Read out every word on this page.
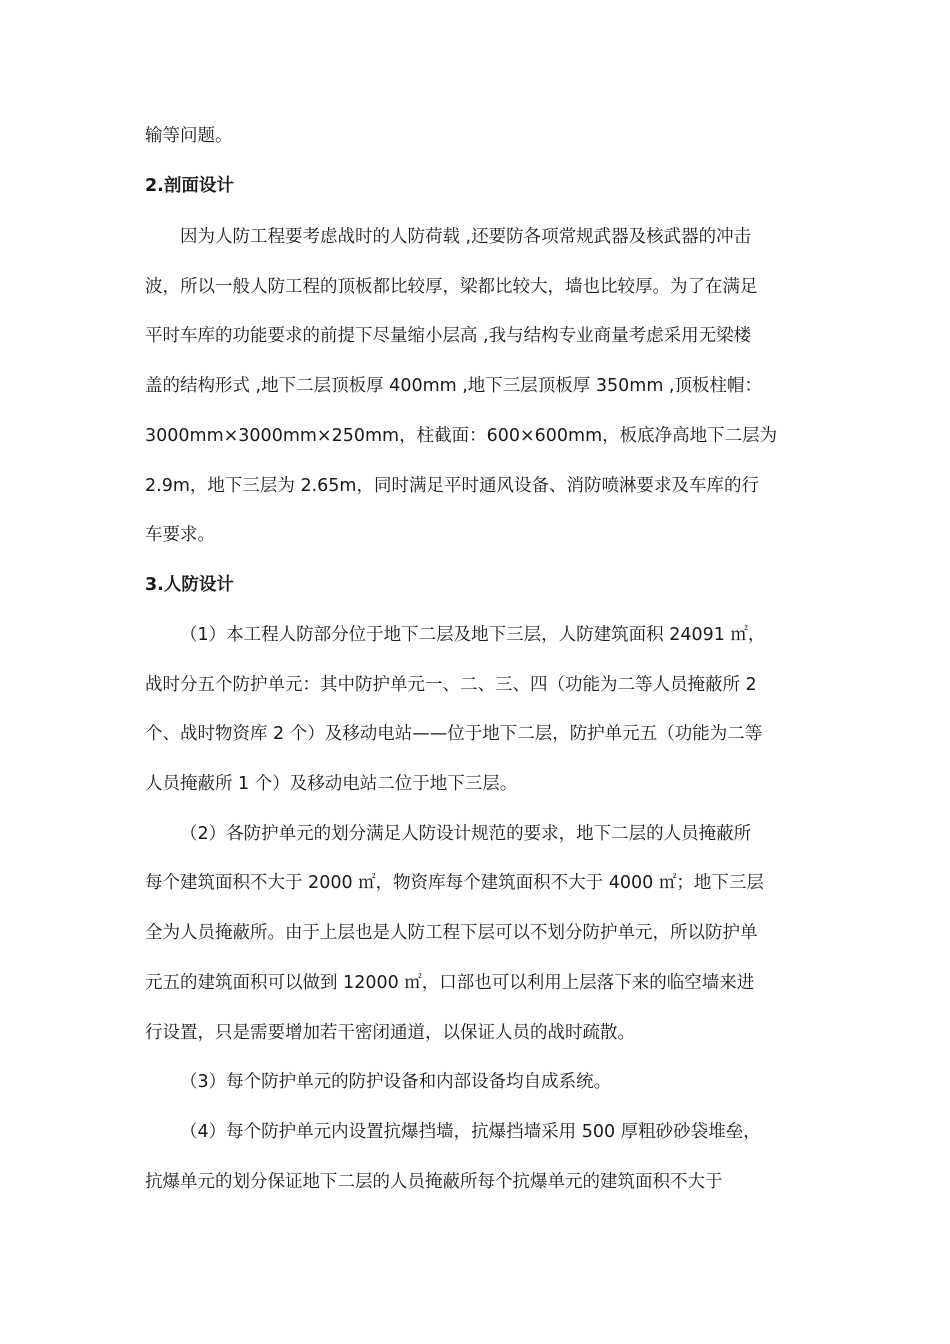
输等问题。
2.剖面设计
因为人防工程要考虑战时的人防荷载 ,还要防各项常规武器及核武器的冲击
波，所以一般人防工程的顶板都比较厚，梁都比较大，墙也比较厚。为了在满足
平时车库的功能要求的前提下尽量缩小层高 ,我与结构专业商量考虑采用无梁楼
盖的结构形式 ,地下二层顶板厚 400mm ,地下三层顶板厚 350mm ,顶板柱帽：
3000mm×3000mm×250mm，柱截面：600×600mm，板底净高地下二层为
2.9m，地下三层为 2.65m，同时满足平时通风设备、消防喷淋要求及车库的行
车要求。
3.人防设计
（1）本工程人防部分位于地下二层及地下三层，人防建筑面积 24091 ㎡，
战时分五个防护单元：其中防护单元一、二、三、四（功能为二等人员掩蔽所 2
个、战时物资库 2 个）及移动电站——位于地下二层，防护单元五（功能为二等
人员掩蔽所 1 个）及移动电站二位于地下三层。
（2）各防护单元的划分满足人防设计规范的要求，地下二层的人员掩蔽所
每个建筑面积不大于 2000 ㎡，物资库每个建筑面积不大于 4000 ㎡；地下三层
全为人员掩蔽所。由于上层也是人防工程下层可以不划分防护单元，所以防护单
元五的建筑面积可以做到 12000 ㎡，口部也可以利用上层落下来的临空墙来进
行设置，只是需要增加若干密闭通道，以保证人员的战时疏散。
（3）每个防护单元的防护设备和内部设备均自成系统。
（4）每个防护单元内设置抗爆挡墙，抗爆挡墙采用 500 厚粗砂砂袋堆垒，
抗爆单元的划分保证地下二层的人员掩蔽所每个抗爆单元的建筑面积不大于
